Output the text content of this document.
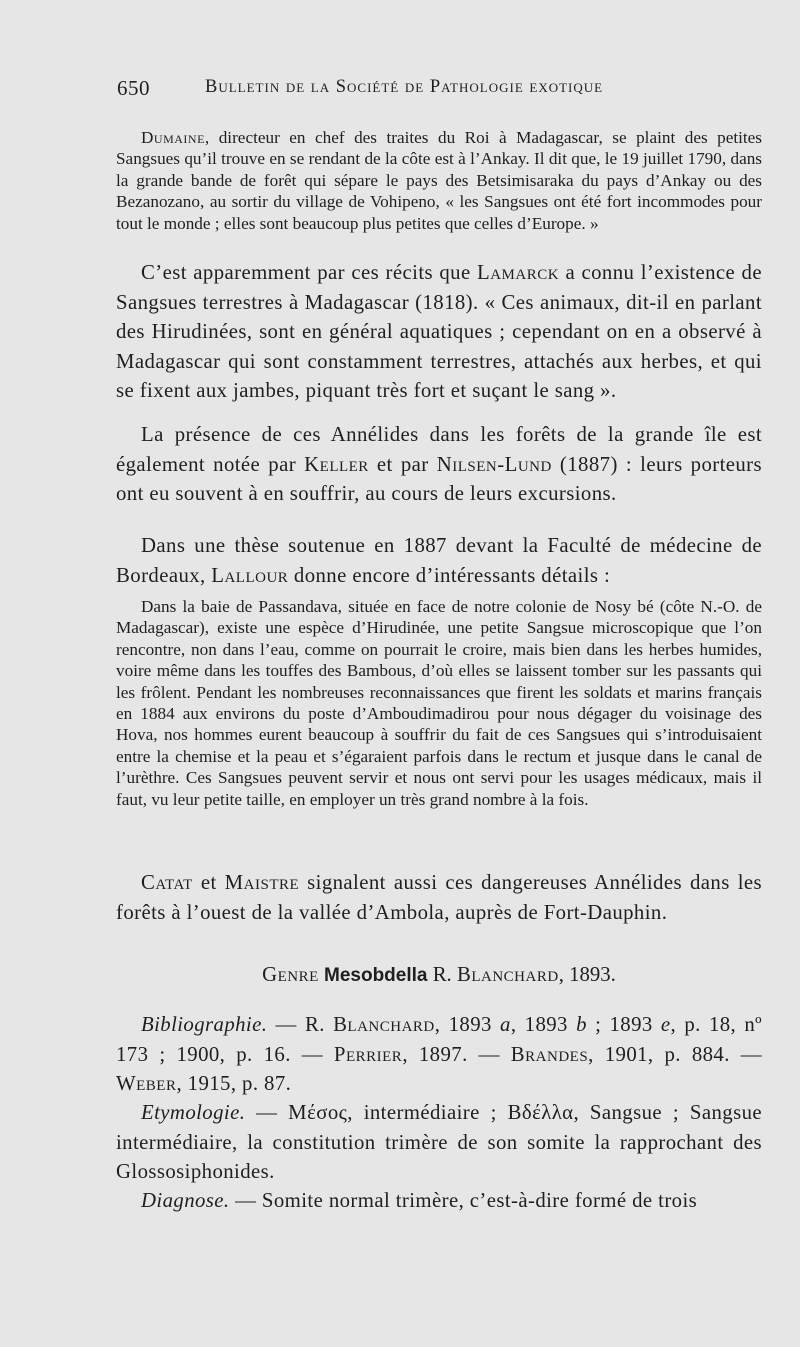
650	Bulletin de la Société de Pathologie exotique

Dumaine, directeur en chef des traites du Roi à Madagascar, se plaint des petites Sangsues qu’il trouve en se rendant de la côte est à l’Ankay. Il dit que, le 19 juillet 1790, dans la grande bande de forêt qui sépare le pays des Betsimisaraka du pays d’Ankay ou des Bezanozano, au sortir du village de Vohipeno, « les Sangsues ont été fort incommodes pour tout le monde ; elles sont beaucoup plus petites que celles d’Europe. »

C’est apparemment par ces récits que Lamarck a connu l’existence de Sangsues terrestres à Madagascar (1818). « Ces animaux, dit-il en parlant des Hirudinées, sont en général aquatiques ; cependant on en a observé à Madagascar qui sont constamment terrestres, attachés aux herbes, et qui se fixent aux jambes, piquant très fort et suçant le sang ».

La présence de ces Annélides dans les forêts de la grande île est également notée par Keller et par Nilsen-Lund (1887) : leurs porteurs ont eu souvent à en souffrir, au cours de leurs excursions.

Dans une thèse soutenue en 1887 devant la Faculté de médecine de Bordeaux, Lallour donne encore d’intéressants détails :

Dans la baie de Passandava, située en face de notre colonie de Nosy bé (côte N.-O. de Madagascar), existe une espèce d’Hirudinée, une petite Sangsue microscopique que l’on rencontre, non dans l’eau, comme on pourrait le croire, mais bien dans les herbes humides, voire même dans les touffes des Bambous, d’où elles se laissent tomber sur les passants qui les frôlent. Pendant les nombreuses reconnaissances que firent les soldats et marins français en 1884 aux environs du poste d’Amboudimadirou pour nous dégager du voisinage des Hova, nos hommes eurent beaucoup à souffrir du fait de ces Sangsues qui s’introduisaient entre la chemise et la peau et s’égaraient parfois dans le rectum et jusque dans le canal de l’urèthre. Ces Sangsues peuvent servir et nous ont servi pour les usages médicaux, mais il faut, vu leur petite taille, en employer un très grand nombre à la fois.

Catat et Maistre signalent aussi ces dangereuses Annélides dans les forêts à l’ouest de la vallée d’Ambola, auprès de Fort-Dauphin.

Genre Mesobdella R. Blanchard, 1893.

Bibliographie. — R. Blanchard, 1893 a, 1893 b ; 1893 e, p. 18, nº 173 ; 1900, p. 16. — Perrier, 1897. — Brandes, 1901, p. 884. — Weber, 1915, p. 87.

Etymologie. — Μέσος, intermédiaire ; Βδέλλα, Sangsue ; Sangsue intermédiaire, la constitution trimère de son somite la rapprochant des Glossosiphonides.

Diagnose. — Somite normal trimère, c’est-à-dire formé de trois
